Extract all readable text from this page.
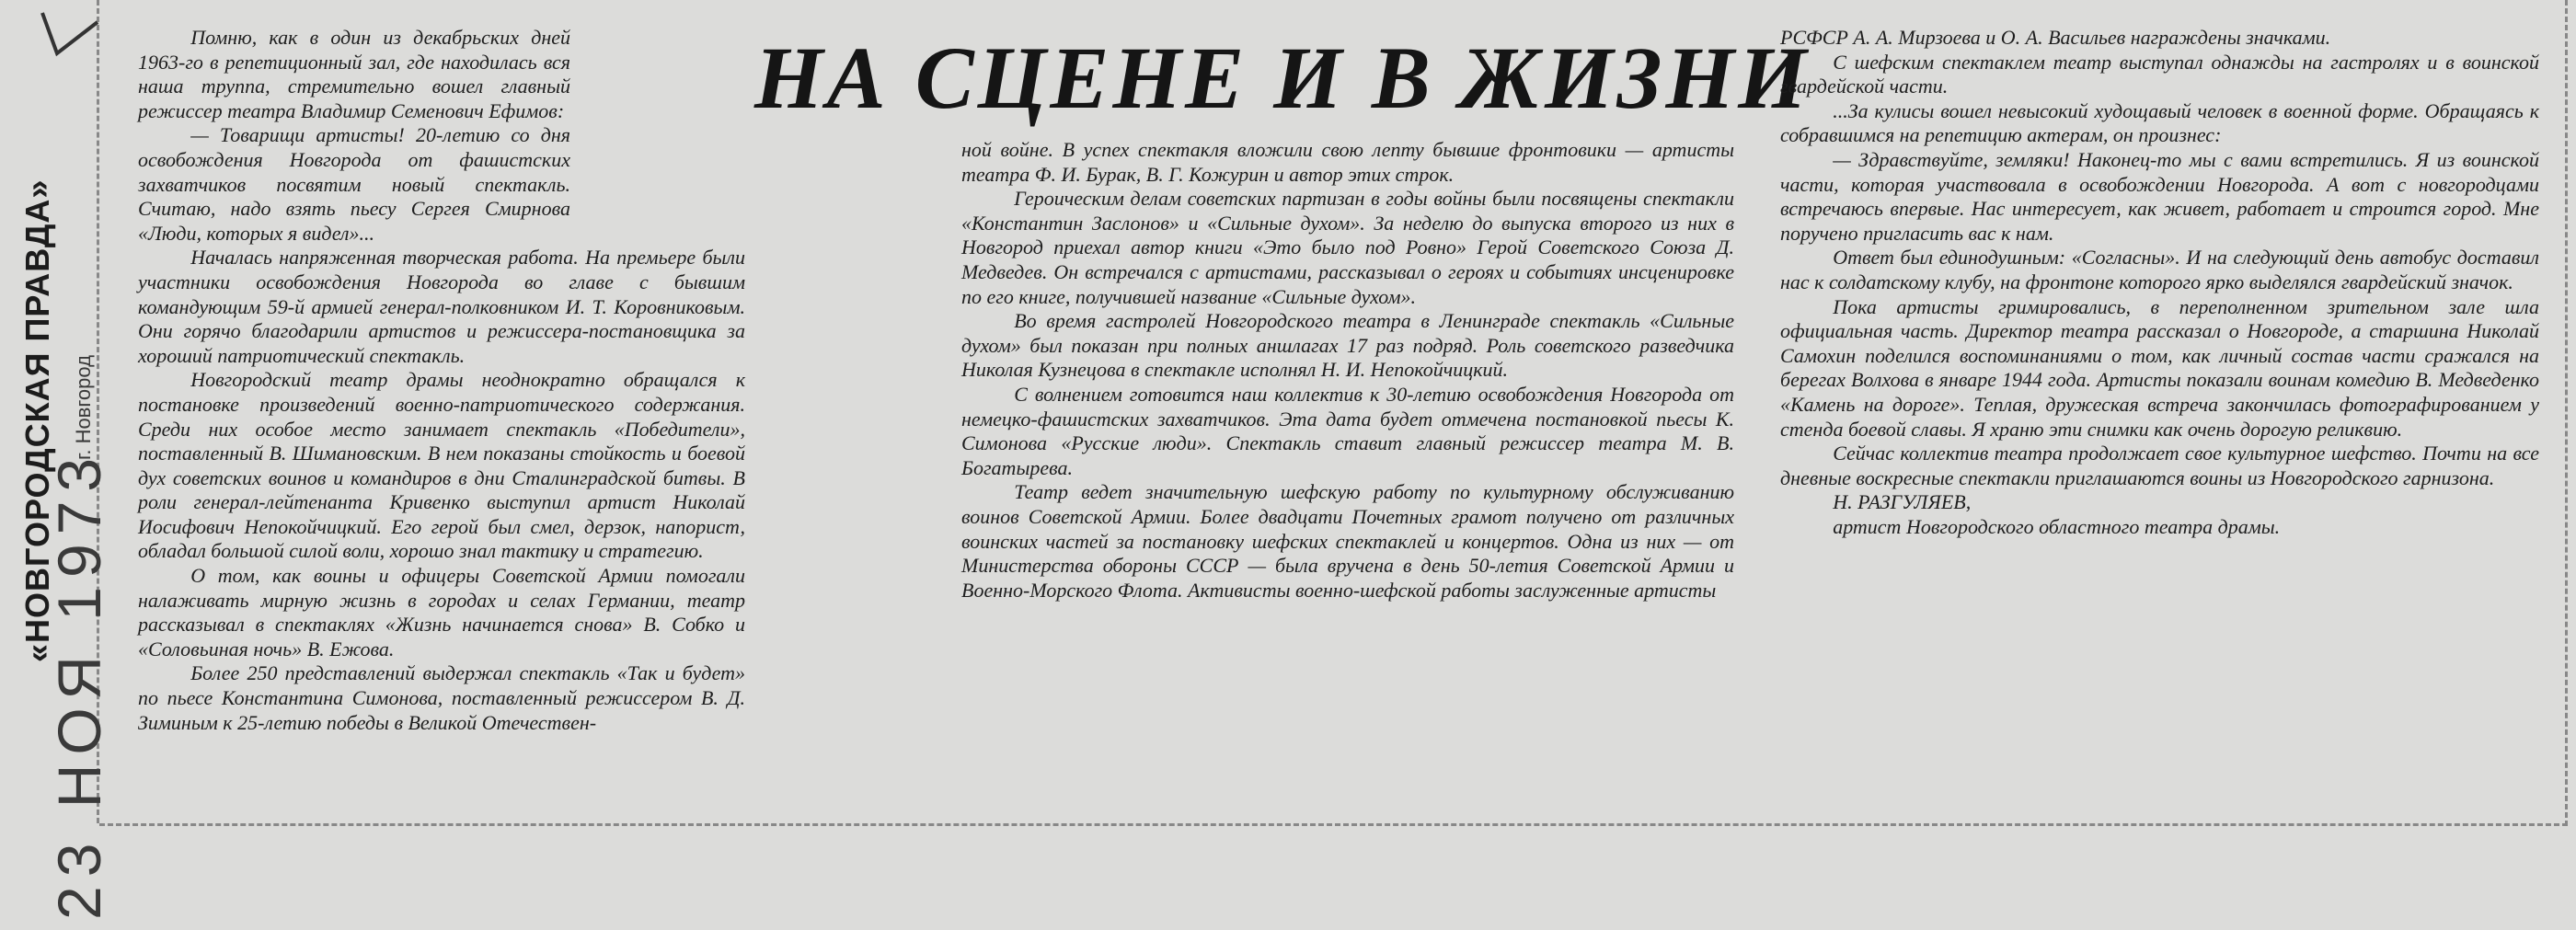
«НОВГОРОДСКАЯ ПРАВДА» г. Новгород
23 НОЯ 1973
НА СЦЕНЕ И В ЖИЗНИ

Помню, как в один из декабрьских дней 1963-го в репетиционный зал, где находилась вся наша труппа, стремительно вошел главный режиссер театра Владимир Семенович Ефимов:

— Товарищи артисты! 20-летию со дня освобождения Новгорода от фашистских захватчиков посвятим новый спектакль. Считаю, надо взять пьесу Сергея Смирнова «Люди, которых я видел»...

Началась напряженная творческая работа. На премьере были участники освобождения Новгорода во главе с бывшим командующим 59-й армией генерал-полковником И. Т. Коровниковым. Они горячо благодарили артистов и режиссера-постановщика за хороший патриотический спектакль.

Новгородский театр драмы неоднократно обращался к постановке произведений военно-патриотического содержания. Среди них особое место занимает спектакль «Победители», поставленный В. Шимановским. В нем показаны стойкость и боевой дух советских воинов и командиров в дни Сталинградской битвы. В роли генерал-лейтенанта Кривенко выступил артист Николай Иосифович Непокойчицкий. Его герой был смел, дерзок, напорист, обладал большой силой воли, хорошо знал тактику и стратегию.

О том, как воины и офицеры Советской Армии помогали налаживать мирную жизнь в городах и селах Германии, театр рассказывал в спектаклях «Жизнь начинается снова» В. Собко и «Соловьиная ночь» В. Ежова.

Более 250 представлений выдержал спектакль «Так и будет» по пьесе Константина Симонова, поставленный режиссером В. Д. Зиминым к 25-летию победы в Великой Отечествен-

ной войне. В успех спектакля вложили свою лепту бывшие фронтовики — артисты театра Ф. И. Бурак, В. Г. Кожурин и автор этих строк.

Героическим делам советских партизан в годы войны были посвящены спектакли «Константин Заслонов» и «Сильные духом». За неделю до выпуска второго из них в Новгород приехал автор книги «Это было под Ровно» Герой Советского Союза Д. Медведев. Он встречался с артистами, рассказывал о героях и событиях инсценировке по его книге, получившей название «Сильные духом».

Во время гастролей Новгородского театра в Ленинграде спектакль «Сильные духом» был показан при полных аншлагах 17 раз подряд. Роль советского разведчика Николая Кузнецова в спектакле исполнял Н. И. Непокойчицкий.

С волнением готовится наш коллектив к 30-летию освобождения Новгорода от немецко-фашистских захватчиков. Эта дата будет отмечена постановкой пьесы К. Симонова «Русские люди». Спектакль ставит главный режиссер театра М. В. Богатырева.

Театр ведет значительную шефскую работу по культурному обслуживанию воинов Советской Армии. Более двадцати Почетных грамот получено от различных воинских частей за постановку шефских спектаклей и концертов. Одна из них — от Министерства обороны СССР — была вручена в день 50-летия Советской Армии и Военно-Морского Флота. Активисты военно-шефской работы заслуженные артисты

РСФСР А. А. Мирзоева и О. А. Васильев награждены значками.

С шефским спектаклем театр выступал однажды на гастролях и в воинской гвардейской части.

...За кулисы вошел невысокий худощавый человек в военной форме. Обращаясь к собравшимся на репетицию актерам, он произнес:

— Здравствуйте, земляки! Наконец-то мы с вами встретились. Я из воинской части, которая участвовала в освобождении Новгорода. А вот с новгородцами встречаюсь впервые. Нас интересует, как живет, работает и строится город. Мне поручено пригласить вас к нам.

Ответ был единодушным: «Согласны». И на следующий день автобус доставил нас к солдатскому клубу, на фронтоне которого ярко выделялся гвардейский значок.

Пока артисты гримировались, в переполненном зрительном зале шла официальная часть. Директор театра рассказал о Новгороде, а старшина Николай Самохин поделился воспоминаниями о том, как личный состав части сражался на берегах Волхова в январе 1944 года. Артисты показали воинам комедию В. Медведенко «Камень на дороге». Теплая, дружеская встреча закончилась фотографированием у стенда боевой славы. Я храню эти снимки как очень дорогую реликвию.

Сейчас коллектив театра продолжает свое культурное шефство. Почти на все дневные воскресные спектакли приглашаются воины из Новгородского гарнизона.

Н. РАЗГУЛЯЕВ,

артист Новгородского областного театра драмы.
